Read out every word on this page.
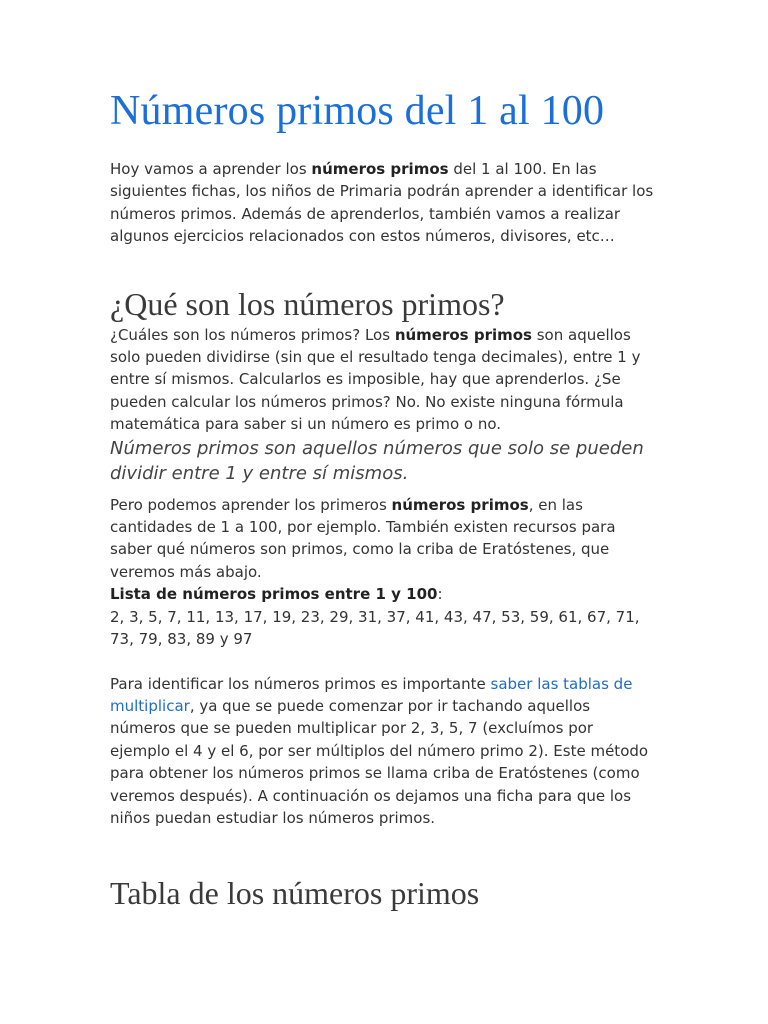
Números primos del 1 al 100

Hoy vamos a aprender los números primos del 1 al 100. En las siguientes fichas, los niños de Primaria podrán aprender a identificar los números primos. Además de aprenderlos, también vamos a realizar algunos ejercicios relacionados con estos números, divisores, etc…

¿Qué son los números primos?

¿Cuáles son los números primos? Los números primos son aquellos solo pueden dividirse (sin que el resultado tenga decimales), entre 1 y entre sí mismos. Calcularlos es imposible, hay que aprenderlos. ¿Se pueden calcular los números primos? No. No existe ninguna fórmula matemática para saber si un número es primo o no.

Números primos son aquellos números que solo se pueden dividir entre 1 y entre sí mismos.

Pero podemos aprender los primeros números primos, en las cantidades de 1 a 100, por ejemplo. También existen recursos para saber qué números son primos, como la criba de Eratóstenes, que veremos más abajo.

Lista de números primos entre 1 y 100:
2, 3, 5, 7, 11, 13, 17, 19, 23, 29, 31, 37, 41, 43, 47, 53, 59, 61, 67, 71, 73, 79, 83, 89 y 97

Para identificar los números primos es importante saber las tablas de multiplicar, ya que se puede comenzar por ir tachando aquellos números que se pueden multiplicar por 2, 3, 5, 7 (excluímos por ejemplo el 4 y el 6, por ser múltiplos del número primo 2). Este método para obtener los números primos se llama criba de Eratóstenes (como veremos después). A continuación os dejamos una ficha para que los niños puedan estudiar los números primos.

Tabla de los números primos
